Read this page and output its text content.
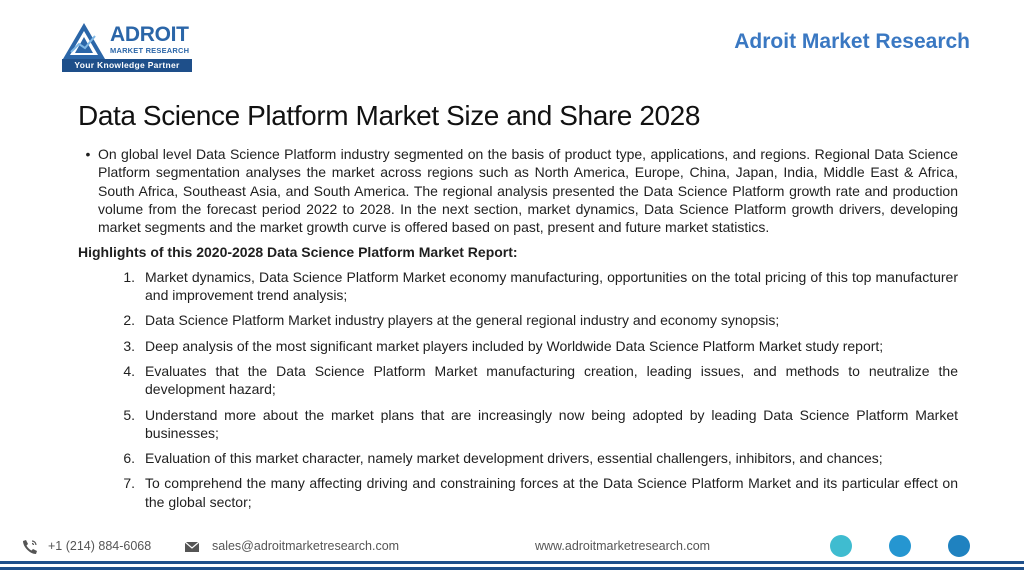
ADROIT
MARKET RESEARCH
Your Knowledge Partner
Adroit Market Research
Data Science Platform Market Size and Share 2028
• On global level Data Science Platform industry segmented on the basis of product type, applications, and regions. Regional Data Science Platform segmentation analyses the market across regions such as North America, Europe, China, Japan, India, Middle East & Africa, South Africa, Southeast Asia, and South America. The regional analysis presented the Data Science Platform growth rate and production volume from the forecast period 2022 to 2028. In the next section, market dynamics, Data Science Platform growth drivers, developing market segments and the market growth curve is offered based on past, present and future market statistics.
Highlights of this 2020-2028 Data Science Platform Market Report:
1. Market dynamics, Data Science Platform Market economy manufacturing, opportunities on the total pricing of this top manufacturer and improvement trend analysis;
2. Data Science Platform Market industry players at the general regional industry and economy synopsis;
3. Deep analysis of the most significant market players included by Worldwide Data Science Platform Market study report;
4. Evaluates that the Data Science Platform Market manufacturing creation, leading issues, and methods to neutralize the development hazard;
5. Understand more about the market plans that are increasingly now being adopted by leading Data Science Platform Market businesses;
6. Evaluation of this market character, namely market development drivers, essential challengers, inhibitors, and chances;
7. To comprehend the many affecting driving and constraining forces at the Data Science Platform Market and its particular effect on the global sector;
+1 (214) 884-6068	sales@adroitmarketresearch.com	www.adroitmarketresearch.com
